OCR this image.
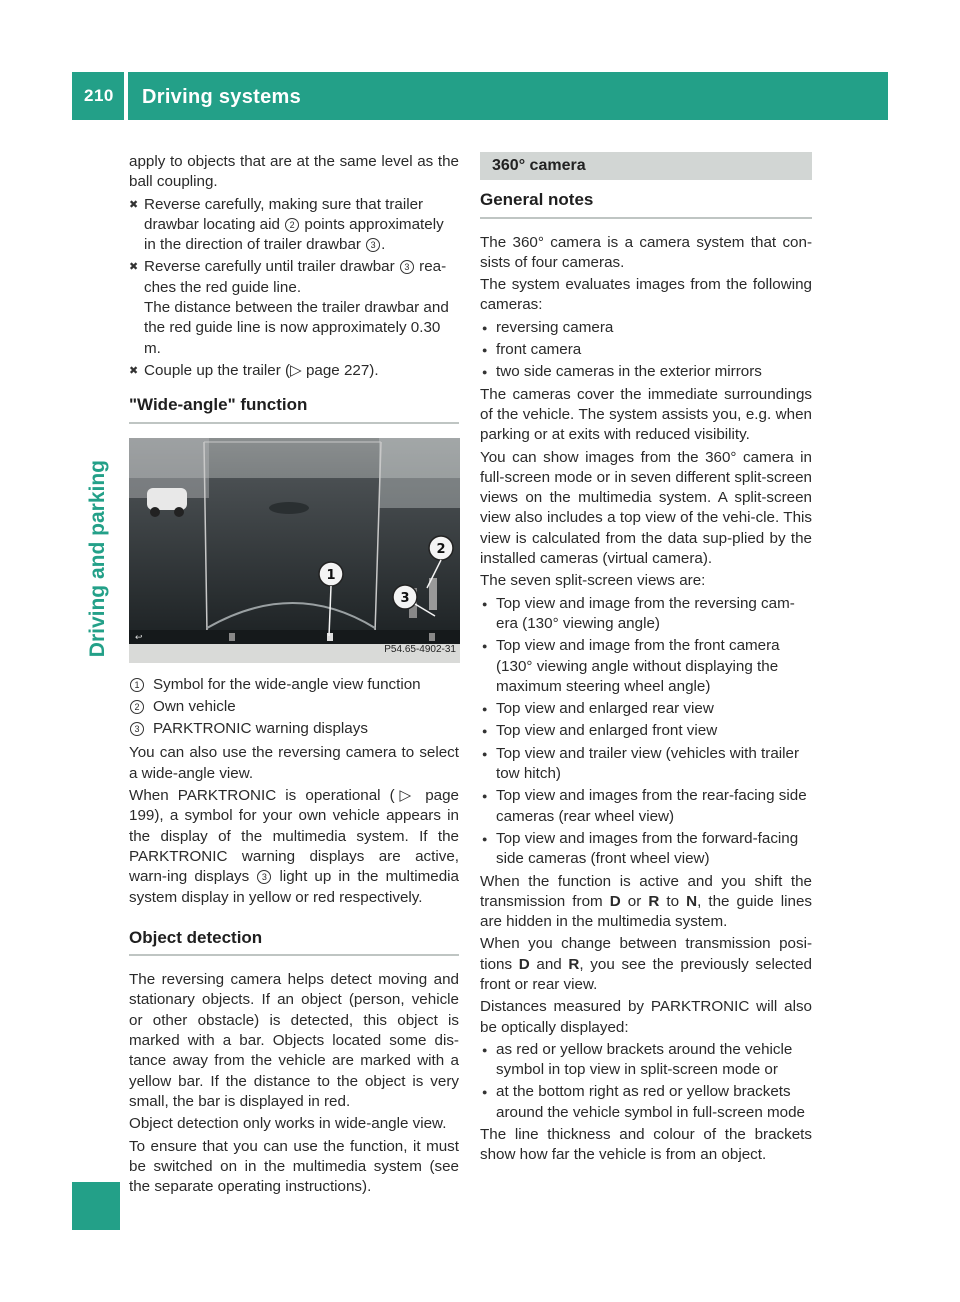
210 Driving systems
Driving and parking

apply to objects that are at the same level as the ball coupling.

✖ Reverse carefully, making sure that trailer drawbar locating aid 2 points approximately in the direction of trailer drawbar 3 .
✖ Reverse carefully until trailer drawbar 3 rea-ches the red guide line.
The distance between the trailer drawbar and the red guide line is now approximately 0.30 m.
✖ Couple up the trailer (▷ page 227).
"Wide-angle" function
↩
1
2
3
P54.65-4902-31
1 Symbol for the wide-angle view function
2 Own vehicle
3 PARKTRONIC warning displays

You can also use the reversing camera to select a wide-angle view.

When PARKTRONIC is operational (▷ page 199), a symbol for your own vehicle appears in the display of the multimedia system. If the PARKTRONIC warning displays are active, warn-ing displays 3 light up in the multimedia system display in yellow or red respectively.

Object detection

The reversing camera helps detect moving and stationary objects. If an object (person, vehicle or other obstacle) is detected, this object is marked with a bar. Objects located some dis-tance away from the vehicle are marked with a yellow bar. If the distance to the object is very small, the bar is displayed in red.

Object detection only works in wide-angle view.

To ensure that you can use the function, it must be switched on in the multimedia system (see the separate operating instructions).

360° camera
General notes

The 360° camera is a camera system that con-sists of four cameras.

The system evaluates images from the following cameras:

● reversing camera
● front camera
● two side cameras in the exterior mirrors

The cameras cover the immediate surroundings of the vehicle. The system assists you, e.g. when parking or at exits with reduced visibility.

You can show images from the 360° camera in full-screen mode or in seven different split-screen views on the multimedia system. A split-screen view also includes a top view of the vehi-cle. This view is calculated from the data sup-plied by the installed cameras (virtual camera).

The seven split-screen views are:

● Top view and image from the reversing cam-era (130° viewing angle)
● Top view and image from the front camera (130° viewing angle without displaying the maximum steering wheel angle)
● Top view and enlarged rear view
● Top view and enlarged front view
● Top view and trailer view (vehicles with trailer tow hitch)
● Top view and images from the rear-facing side cameras (rear wheel view)
● Top view and images from the forward-facing side cameras (front wheel view)

When the function is active and you shift the transmission from D or R to N, the guide lines are hidden in the multimedia system.

When you change between transmission posi-tions D and R, you see the previously selected front or rear view.

Distances measured by PARKTRONIC will also be optically displayed:

● as red or yellow brackets around the vehicle symbol in top view in split-screen mode or
● at the bottom right as red or yellow brackets around the vehicle symbol in full-screen mode

The line thickness and colour of the brackets show how far the vehicle is from an object.
